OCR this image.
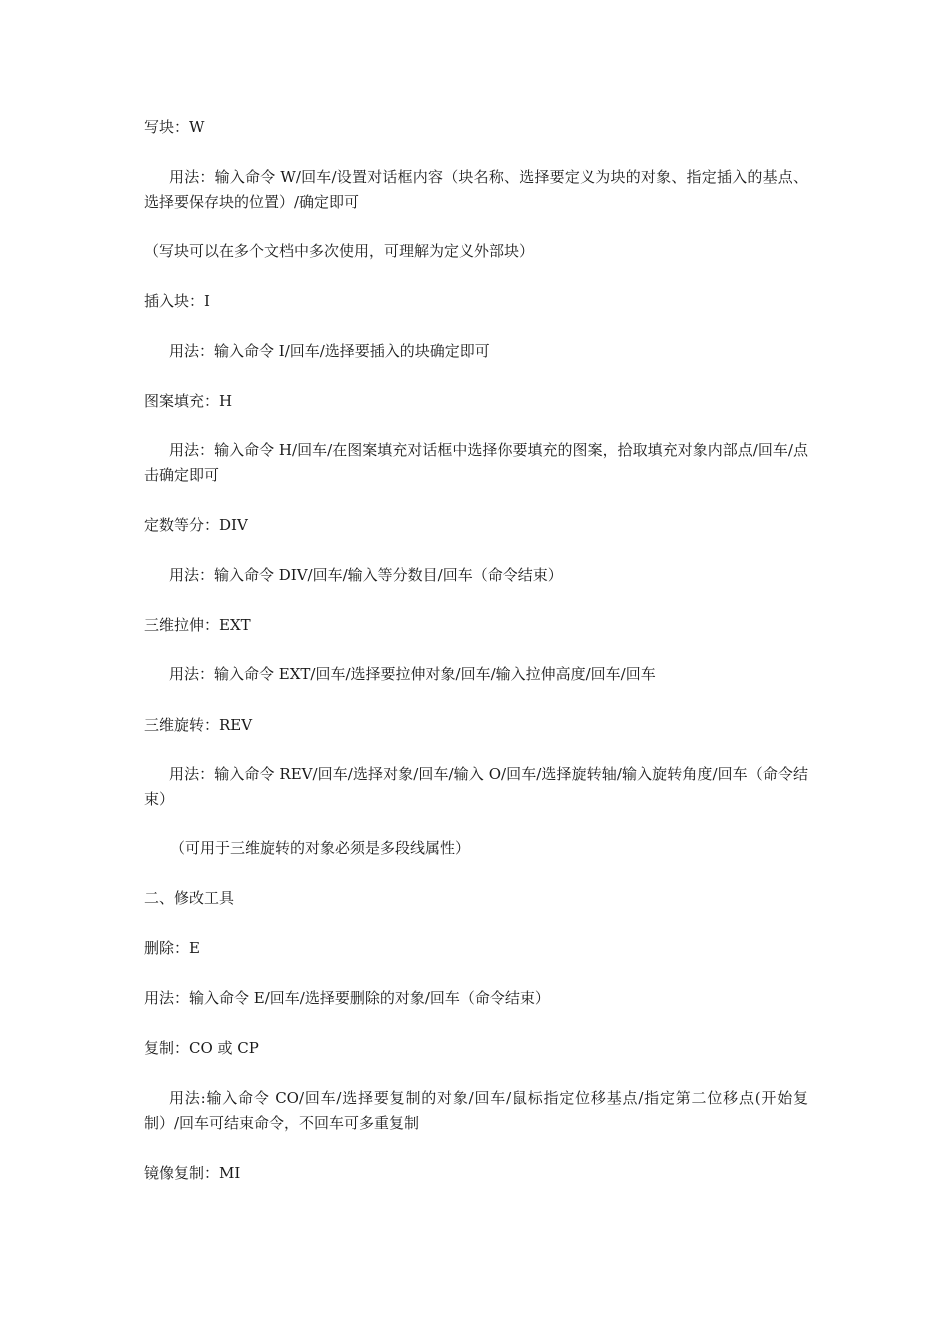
写块：W

用法：输入命令 W/回车/设置对话框内容（块名称、选择要定义为块的对象、指定插入的基点、选择要保存块的位置）/确定即可

（写块可以在多个文档中多次使用，可理解为定义外部块）

插入块：I

用法：输入命令 I/回车/选择要插入的块确定即可

图案填充：H

用法：输入命令 H/回车/在图案填充对话框中选择你要填充的图案，拾取填充对象内部点/回车/点击确定即可

定数等分：DIV

用法：输入命令 DIV/回车/输入等分数目/回车（命令结束）

三维拉伸：EXT

用法：输入命令 EXT/回车/选择要拉伸对象/回车/输入拉伸高度/回车/回车

三维旋转：REV

用法：输入命令 REV/回车/选择对象/回车/输入 O/回车/选择旋转轴/输入旋转角度/回车（命令结束）

（可用于三维旋转的对象必须是多段线属性）

二、修改工具

删除：E

用法：输入命令 E/回车/选择要删除的对象/回车（命令结束）

复制：CO 或 CP

用法:输入命令 CO/回车/选择要复制的对象/回车/鼠标指定位移基点/指定第二位移点(开始复制）/回车可结束命令，不回车可多重复制

镜像复制：MI
